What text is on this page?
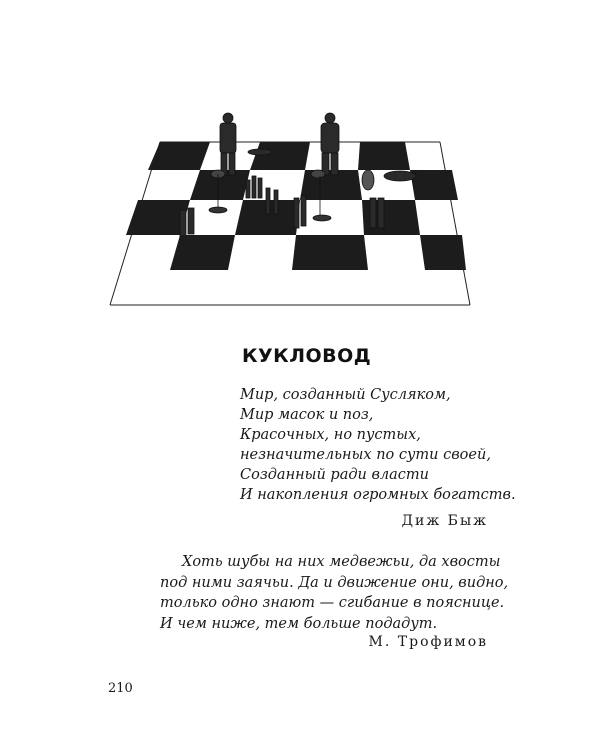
КУКЛОВОД
Мир, созданный Сусляком,
Мир масок и поз,
Красочных, но пустых,
незначительных по сути своей,
Созданный ради власти
И накопления огромных богатств.
Диж Быж
Хоть шубы на них медвежьи, да хвосты
под ними заячьи. Да и движение они, видно,
только одно знают — сгибание в пояснице.
И чем ниже, тем больше подадут.
М. Трофимов
210
